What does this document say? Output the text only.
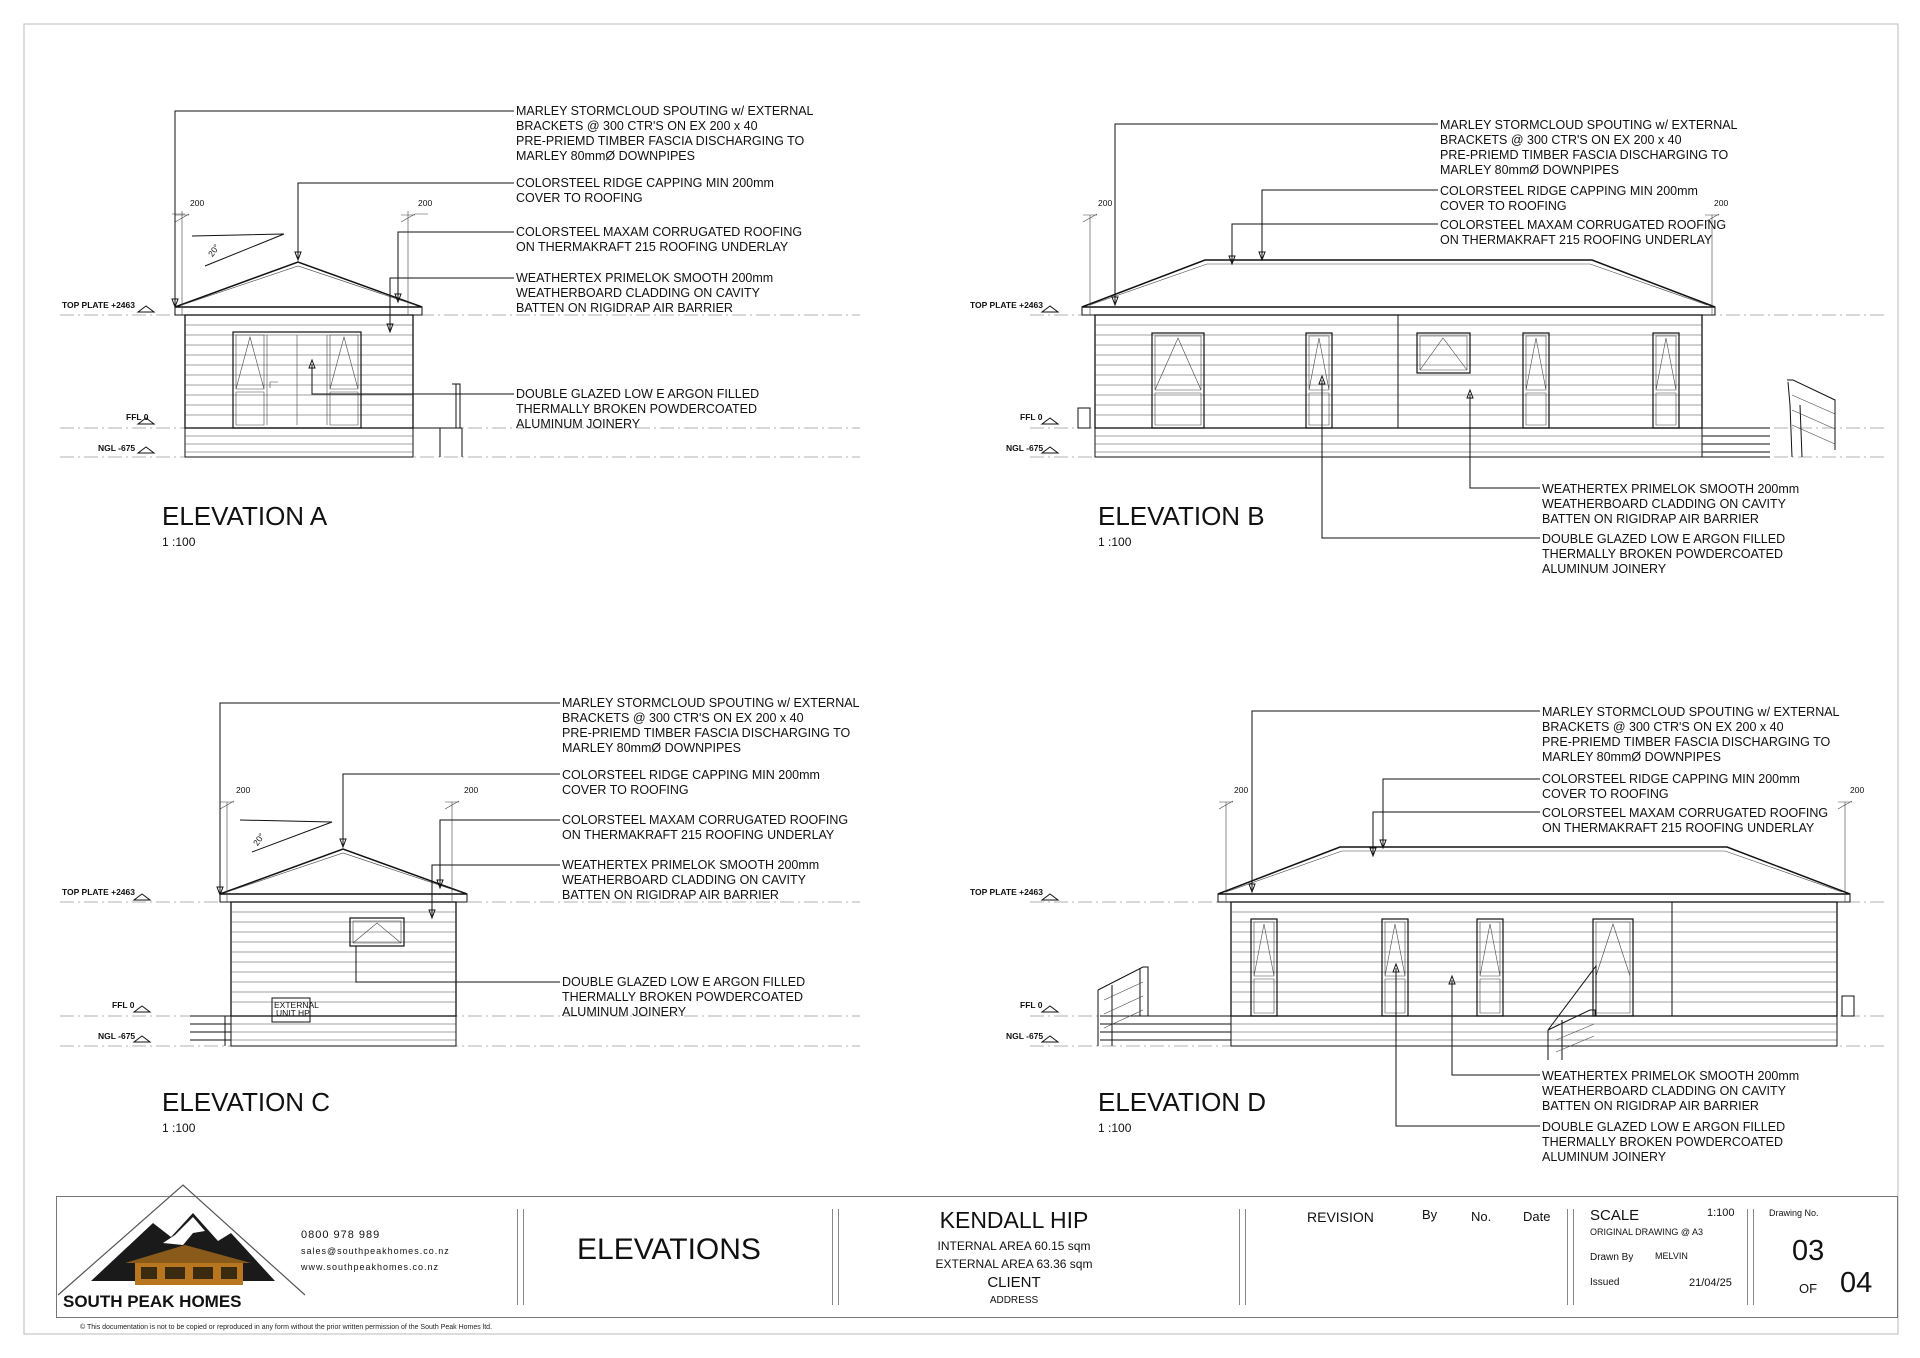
TOP PLATE +2463
FFL 0
NGL -675
200	200
20°
MARLEY STORMCLOUD SPOUTING w/ EXTERNAL BRACKETS @ 300 CTR'S ON EX 200 x 40 PRE-PRIEMD TIMBER FASCIA DISCHARGING TO MARLEY 80mmØ DOWNPIPES
COLORSTEEL RIDGE CAPPING MIN 200mm COVER TO ROOFING
COLORSTEEL MAXAM CORRUGATED ROOFING ON THERMAKRAFT 215 ROOFING UNDERLAY
WEATHERTEX PRIMELOK SMOOTH 200mm WEATHERBOARD CLADDING ON CAVITY BATTEN ON RIGIDRAP AIR BARRIER
DOUBLE GLAZED LOW E ARGON FILLED THERMALLY BROKEN POWDERCOATED ALUMINUM JOINERY
ELEVATION A
1 :100
TOP PLATE +2463
FFL 0
NGL -675
200	200
MARLEY STORMCLOUD SPOUTING w/ EXTERNAL BRACKETS @ 300 CTR'S ON EX 200 x 40 PRE-PRIEMD TIMBER FASCIA DISCHARGING TO MARLEY 80mmØ DOWNPIPES
COLORSTEEL RIDGE CAPPING MIN 200mm COVER TO ROOFING
COLORSTEEL MAXAM CORRUGATED ROOFING ON THERMAKRAFT 215 ROOFING UNDERLAY
WEATHERTEX PRIMELOK SMOOTH 200mm WEATHERBOARD CLADDING ON CAVITY BATTEN ON RIGIDRAP AIR BARRIER
DOUBLE GLAZED LOW E ARGON FILLED THERMALLY BROKEN POWDERCOATED ALUMINUM JOINERY
ELEVATION B
1 :100
TOP PLATE +2463
FFL 0
NGL -675
EXTERNAL UNIT HP
200	200
20°
MARLEY STORMCLOUD SPOUTING w/ EXTERNAL BRACKETS @ 300 CTR'S ON EX 200 x 40 PRE-PRIEMD TIMBER FASCIA DISCHARGING TO MARLEY 80mmØ DOWNPIPES
COLORSTEEL RIDGE CAPPING MIN 200mm COVER TO ROOFING
COLORSTEEL MAXAM CORRUGATED ROOFING ON THERMAKRAFT 215 ROOFING UNDERLAY
WEATHERTEX PRIMELOK SMOOTH 200mm WEATHERBOARD CLADDING ON CAVITY BATTEN ON RIGIDRAP AIR BARRIER
DOUBLE GLAZED LOW E ARGON FILLED THERMALLY BROKEN POWDERCOATED ALUMINUM JOINERY
ELEVATION C
1 :100
TOP PLATE +2463
FFL 0
NGL -675
200	200
MARLEY STORMCLOUD SPOUTING w/ EXTERNAL BRACKETS @ 300 CTR'S ON EX 200 x 40 PRE-PRIEMD TIMBER FASCIA DISCHARGING TO MARLEY 80mmØ DOWNPIPES
COLORSTEEL RIDGE CAPPING MIN 200mm COVER TO ROOFING
COLORSTEEL MAXAM CORRUGATED ROOFING ON THERMAKRAFT 215 ROOFING UNDERLAY
WEATHERTEX PRIMELOK SMOOTH 200mm WEATHERBOARD CLADDING ON CAVITY BATTEN ON RIGIDRAP AIR BARRIER
DOUBLE GLAZED LOW E ARGON FILLED THERMALLY BROKEN POWDERCOATED ALUMINUM JOINERY
ELEVATION D
1 :100
SOUTH PEAK HOMES
0800 978 989
sales@southpeakhomes.co.nz
www.southpeakhomes.co.nz
ELEVATIONS
KENDALL HIP
INTERNAL AREA 60.15 sqm
EXTERNAL AREA 63.36 sqm
CLIENT
ADDRESS
REVISION	By	No. Date	SCALE	1:100
ORIGINAL DRAWING @ A3
Drawn By MELVIN
Issued	21/04/25
Drawing No.
03
OF 04
© This documentation is not to be copied or reproduced in any form without the prior written permission of the South Peak Homes ltd.
